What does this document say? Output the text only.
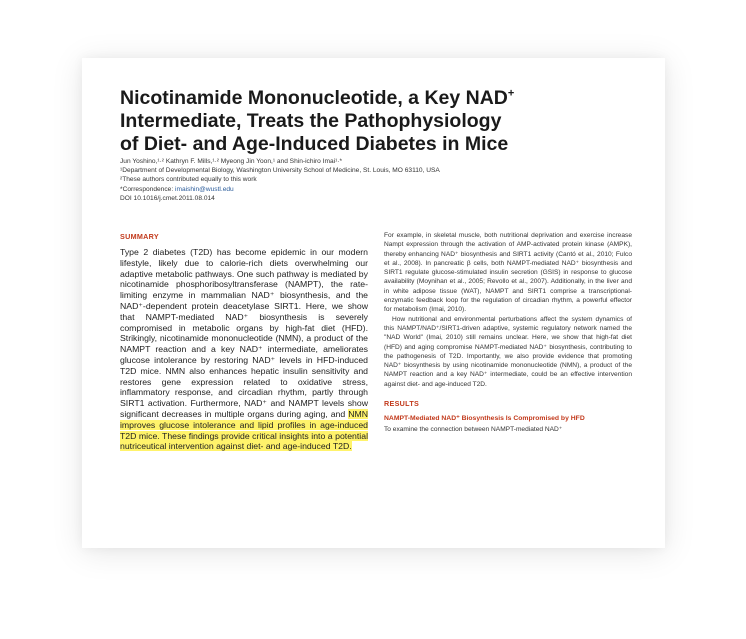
Nicotinamide Mononucleotide, a Key NAD+
Intermediate, Treats the Pathophysiology
of Diet- and Age-Induced Diabetes in Mice
Jun Yoshino,¹·² Kathryn F. Mills,¹·² Myeong Jin Yoon,¹ and Shin-ichiro Imai¹·*
¹Department of Developmental Biology, Washington University School of Medicine, St. Louis, MO 63110, USA
²These authors contributed equally to this work
*Correspondence: imaishin@wustl.edu
DOI 10.1016/j.cmet.2011.08.014
SUMMARY

Type 2 diabetes (T2D) has become epidemic in our modern lifestyle, likely due to calorie-rich diets overwhelming our adaptive metabolic pathways. One such pathway is mediated by nicotinamide phosphoribosyltransferase (NAMPT), the rate-limiting enzyme in mammalian NAD⁺ biosynthesis, and the NAD⁺-dependent protein deacetylase SIRT1. Here, we show that NAMPT-mediated NAD⁺ biosynthesis is severely compromised in metabolic organs by high-fat diet (HFD). Strikingly, nicotinamide mononucleotide (NMN), a product of the NAMPT reaction and a key NAD⁺ intermediate, ameliorates glucose intolerance by restoring NAD⁺ levels in HFD-induced T2D mice. NMN also enhances hepatic insulin sensitivity and restores gene expression related to oxidative stress, inflammatory response, and circadian rhythm, partly through SIRT1 activation. Furthermore, NAD⁺ and NAMPT levels show significant decreases in multiple organs during aging, and NMN improves glucose intolerance and lipid profiles in age-induced T2D mice. These findings provide critical insights into a potential nutriceutical intervention against diet- and age-induced T2D.

For example, in skeletal muscle, both nutritional deprivation and exercise increase Nampt expression through the activation of AMP-activated protein kinase (AMPK), thereby enhancing NAD⁺ biosynthesis and SIRT1 activity (Cantó et al., 2010; Fulco et al., 2008). In pancreatic β cells, both NAMPT-mediated NAD⁺ biosynthesis and SIRT1 regulate glucose-stimulated insulin secretion (GSIS) in response to glucose availability (Moynihan et al., 2005; Revollo et al., 2007). Additionally, in the liver and in white adipose tissue (WAT), NAMPT and SIRT1 comprise a transcriptional-enzymatic feedback loop for the regulation of circadian rhythm, a powerful effector for metabolism (Imai, 2010).

How nutritional and environmental perturbations affect the system dynamics of this NAMPT/NAD⁺/SIRT1-driven adaptive, systemic regulatory network named the "NAD World" (Imai, 2010) still remains unclear. Here, we show that high-fat diet (HFD) and aging compromise NAMPT-mediated NAD⁺ biosynthesis, contributing to the pathogenesis of T2D. Importantly, we also provide evidence that promoting NAD⁺ biosynthesis by using nicotinamide mononucleotide (NMN), a product of the NAMPT reaction and a key NAD⁺ intermediate, could be an effective intervention against diet- and age-induced T2D.

RESULTS
NAMPT-Mediated NAD⁺ Biosynthesis Is Compromised by HFD

To examine the connection between NAMPT-mediated NAD⁺
